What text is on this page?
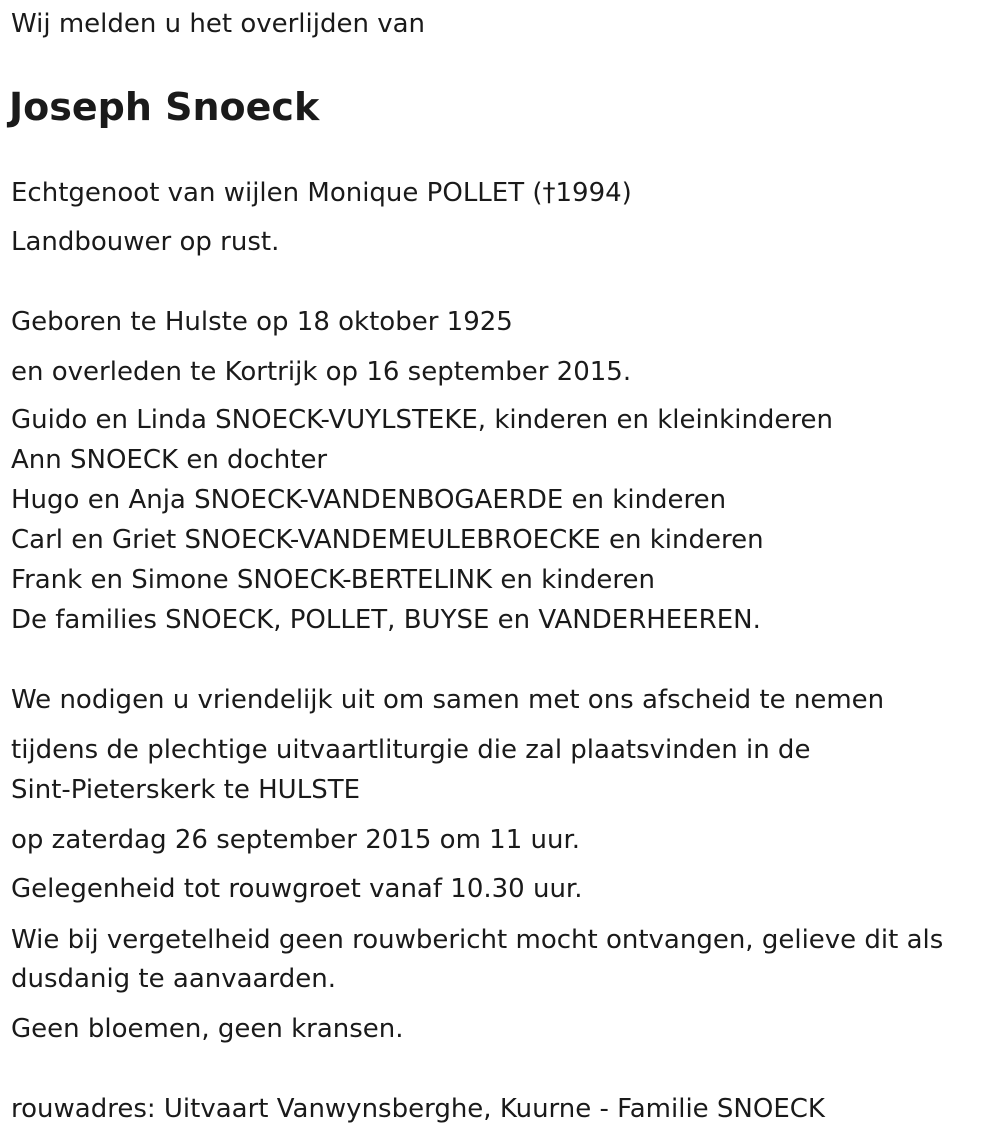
Wij melden u het overlijden van

Joseph Snoeck

Echtgenoot van wijlen Monique POLLET (†1994)

Landbouwer op rust.

Geboren te Hulste op 18 oktober 1925

en overleden te Kortrijk op 16 september 2015.

Guido en Linda SNOECK-VUYLSTEKE, kinderen en kleinkinderen

Ann SNOECK en dochter

Hugo en Anja SNOECK-VANDENBOGAERDE en kinderen

Carl en Griet SNOECK-VANDEMEULEBROECKE en kinderen

Frank en Simone SNOECK-BERTELINK en kinderen

De families SNOECK, POLLET, BUYSE en VANDERHEEREN.

We nodigen u vriendelijk uit om samen met ons afscheid te nemen

tijdens de plechtige uitvaartliturgie die zal plaatsvinden in de

Sint-Pieterskerk te HULSTE

op zaterdag 26 september 2015 om 11 uur.

Gelegenheid tot rouwgroet vanaf 10.30 uur.

Wie bij vergetelheid geen rouwbericht mocht ontvangen, gelieve dit als

dusdanig te aanvaarden.

Geen bloemen, geen kransen.

rouwadres: Uitvaart Vanwynsberghe, Kuurne - Familie SNOECK
